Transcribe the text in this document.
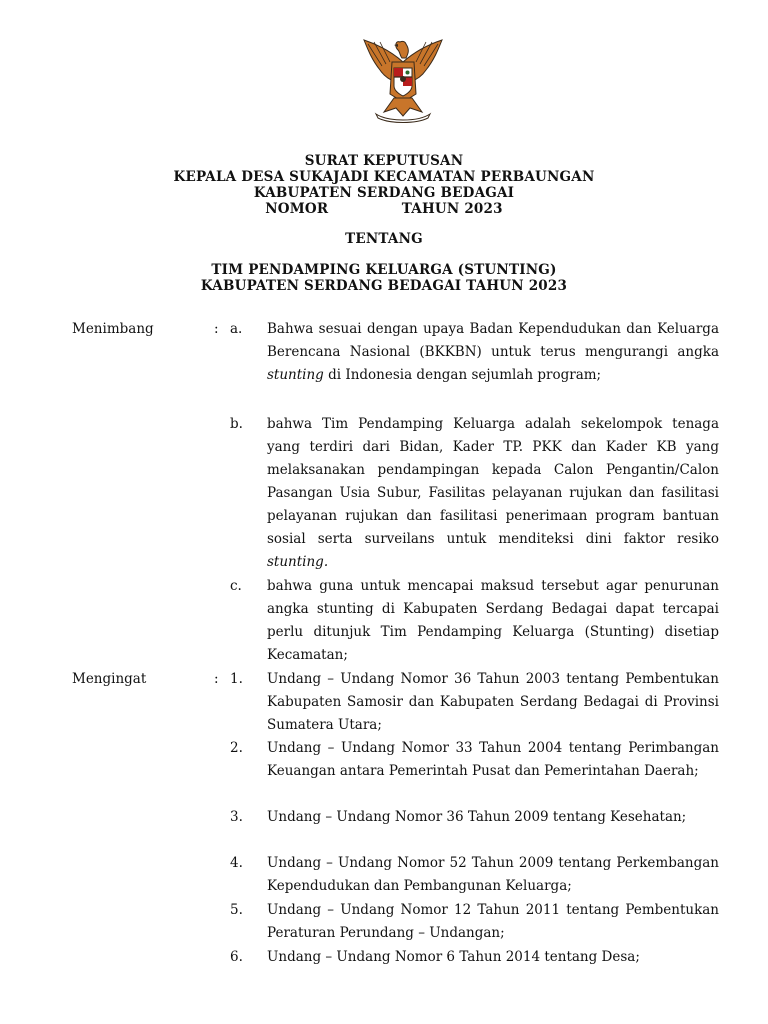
SURAT KEPUTUSAN
KEPALA DESA SUKAJADI KECAMATAN PERBAUNGAN
KABUPATEN SERDANG BEDAGAI
NOMOR               TAHUN 2023
TENTANG
TIM PENDAMPING KELUARGA (STUNTING)
KABUPATEN SERDANG BEDAGAI TAHUN 2023
Menimbang	: a.	Bahwa sesuai dengan upaya Badan Kependudukan dan Keluarga Berencana Nasional (BKKBN) untuk terus mengurangi angka stunting di Indonesia dengan sejumlah program;
b.	bahwa Tim Pendamping Keluarga adalah sekelompok tenaga yang terdiri dari Bidan, Kader TP. PKK dan Kader KB yang melaksanakan pendampingan kepada Calon Pengantin/Calon Pasangan Usia Subur, Fasilitas pelayanan rujukan dan fasilitasi pelayanan rujukan dan fasilitasi penerimaan program bantuan sosial serta surveilans untuk menditeksi dini faktor resiko stunting.
c.	bahwa guna untuk mencapai maksud tersebut agar penurunan angka stunting di Kabupaten Serdang Bedagai dapat tercapai perlu ditunjuk Tim Pendamping Keluarga (Stunting) disetiap Kecamatan;
Mengingat	: 1.	Undang – Undang Nomor 36 Tahun 2003 tentang Pembentukan Kabupaten Samosir dan Kabupaten Serdang Bedagai di Provinsi Sumatera Utara;
2.	Undang – Undang Nomor 33 Tahun 2004 tentang Perimbangan Keuangan antara Pemerintah Pusat dan Pemerintahan Daerah;
3.	Undang – Undang Nomor 36 Tahun 2009 tentang Kesehatan;
4.	Undang – Undang Nomor 52 Tahun 2009 tentang Perkembangan Kependudukan dan Pembangunan Keluarga;
5.	Undang – Undang Nomor 12 Tahun 2011 tentang Pembentukan Peraturan Perundang – Undangan;
6.	Undang – Undang Nomor 6 Tahun 2014 tentang Desa;
